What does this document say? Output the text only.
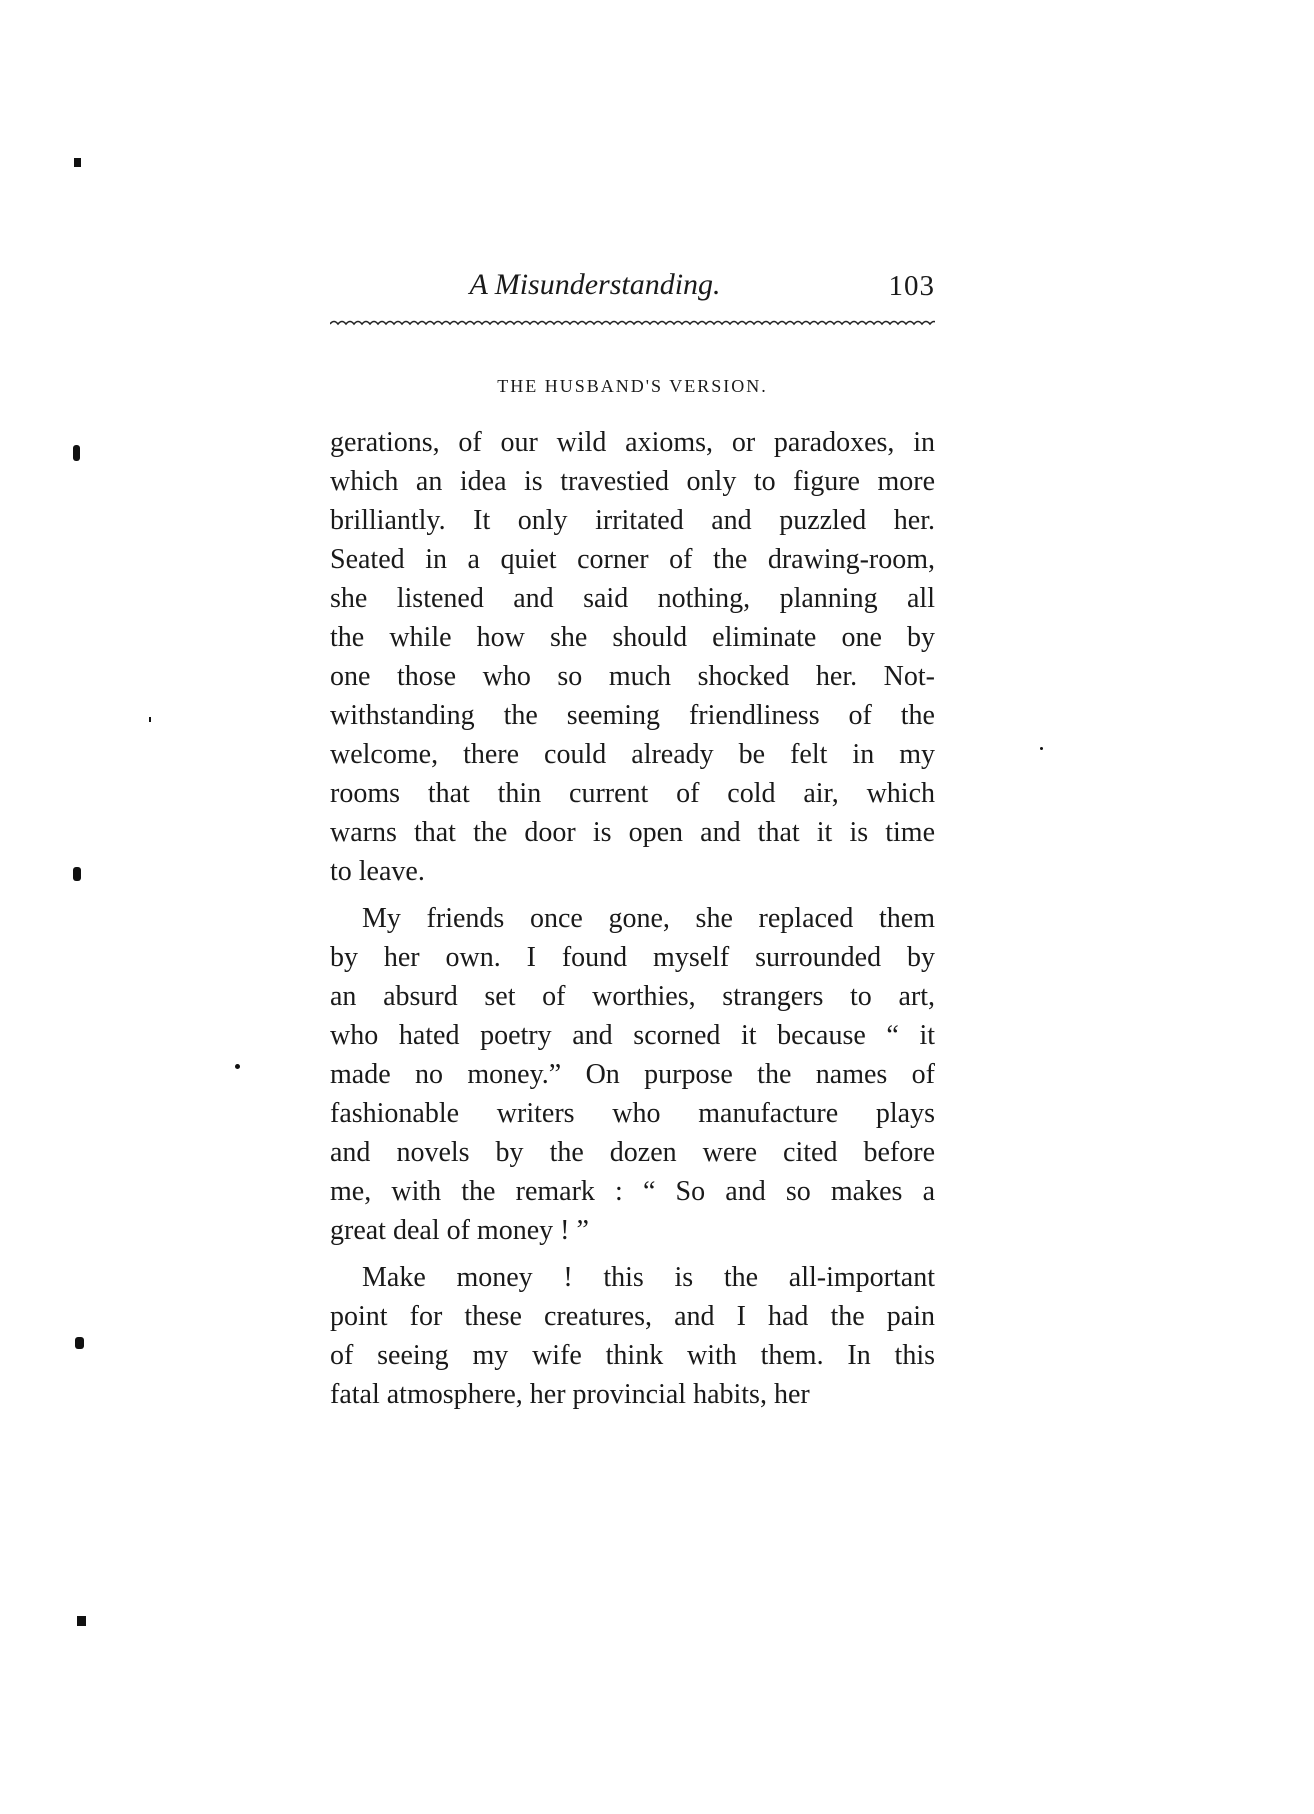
A Misunderstanding.	103
THE HUSBAND'S VERSION.
gerations, of our wild axioms, or paradoxes, in
which an idea is travestied only to figure more
brilliantly. It only irritated and puzzled her.
Seated in a quiet corner of the drawing-room,
she listened and said nothing, planning all
the while how she should eliminate one by
one those who so much shocked her. Not-
withstanding the seeming friendliness of the
welcome, there could already be felt in my
rooms that thin current of cold air, which
warns that the door is open and that it is time
to leave.
My friends once gone, she replaced them
by her own. I found myself surrounded by
an absurd set of worthies, strangers to art,
who hated poetry and scorned it because “ it
made no money.” On purpose the names of
fashionable writers who manufacture plays
and novels by the dozen were cited before
me, with the remark : “ So and so makes a
great deal of money ! ”
Make money ! this is the all-important
point for these creatures, and I had the pain
of seeing my wife think with them. In this
fatal atmosphere, her provincial habits, her
